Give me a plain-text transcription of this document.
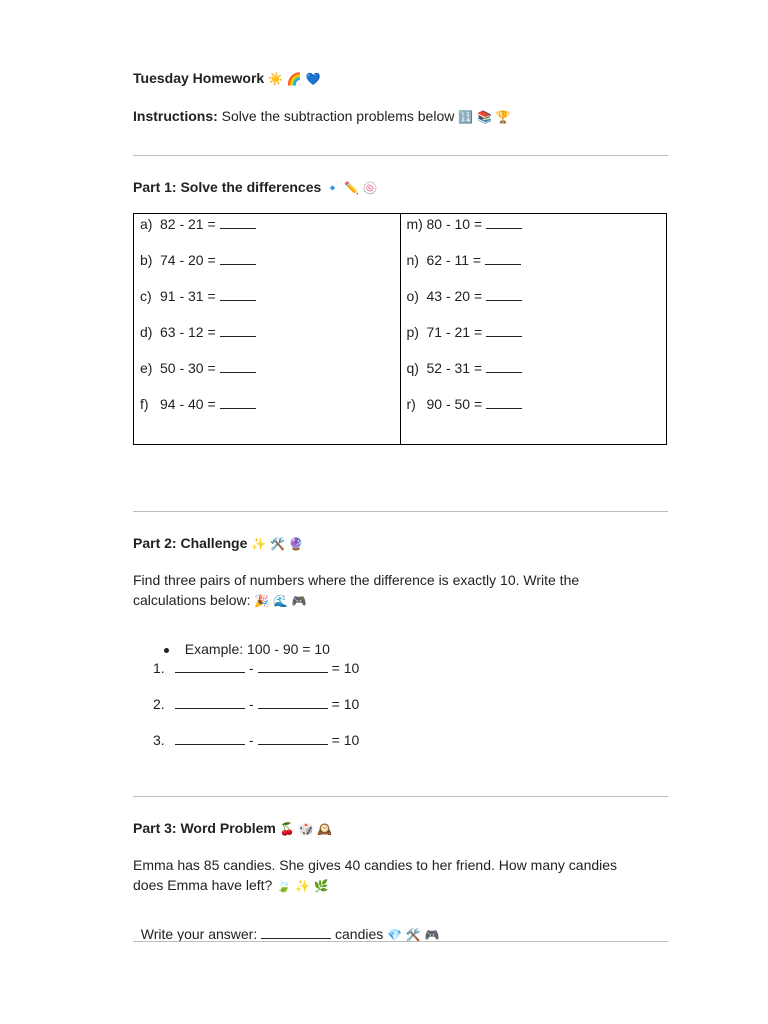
Tuesday Homework ☀️ 🌈 💙
Instructions: Solve the subtraction problems below 🔢 📚 🏆
Part 1: Solve the differences 🔹 ✏️ 🍥
a) 82 - 21 =
b) 74 - 20 =
c) 91 - 31 =
d) 63 - 12 =
e) 50 - 30 =
f) 94 - 40 =
m) 80 - 10 =
n) 62 - 11 =
o) 43 - 20 =
p) 71 - 21 =
q) 52 - 31 =
r) 90 - 50 =
Part 2: Challenge ✨ 🛠️ 🔮
Find three pairs of numbers where the difference is exactly 10. Write the
calculations below: 🎉 🌊 🎮

Example: 100 - 90 = 10

1.	-	= 10
2.	-	= 10
3.	-	= 10
Part 3: Word Problem 🍒 🎲 🕰️
Emma has 85 candies. She gives 40 candies to her friend. How many candies
does Emma have left? 🍃 ✨ 🌿

Write your answer:	candies 💎 🛠️ 🎮
